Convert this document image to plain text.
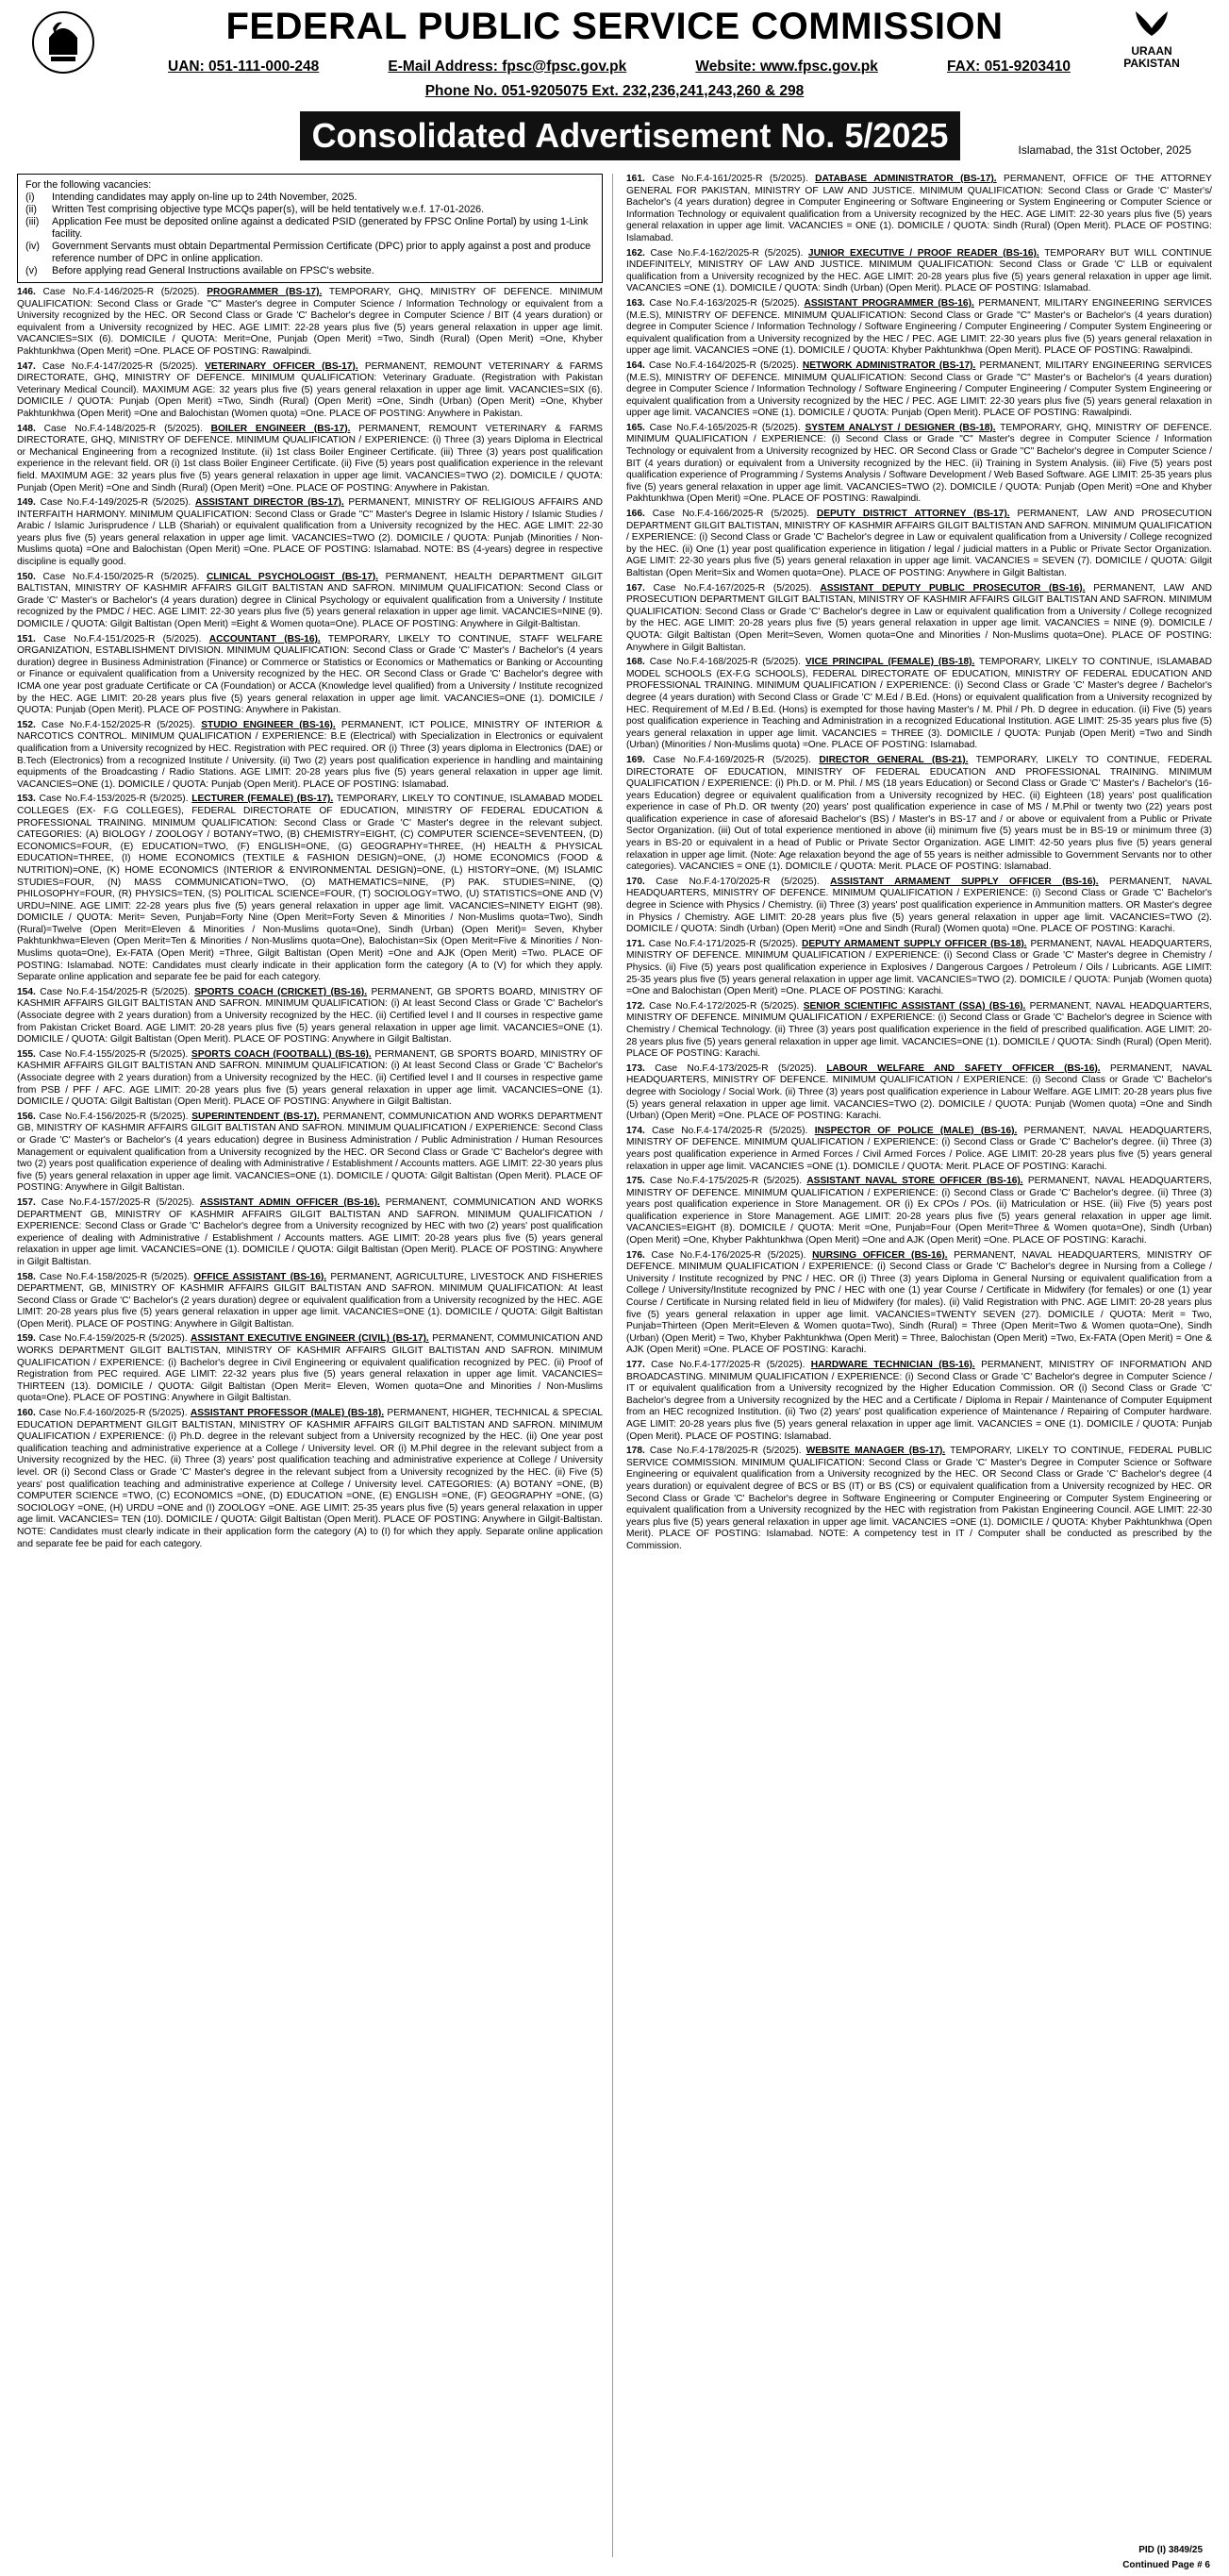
FEDERAL PUBLIC SERVICE COMMISSION
UAN: 051-111-000-248	E-Mail Address: fpsc@fpsc.gov.pk	Website: www.fpsc.gov.pk	FAX: 051-9203410
Phone No. 051-9205075 Ext. 232,236,241,243,260 & 298
URAAN PAKISTAN
Consolidated Advertisement No. 5/2025	Islamabad, the 31st October, 2025
For the following vacancies:
(i)	Intending candidates may apply on-line up to 24th November, 2025.
(ii)	Written Test comprising objective type MCQs paper(s), will be held tentatively w.e.f. 17-01-2026.
(iii)	Application Fee must be deposited online against a dedicated PSID (generated by FPSC Online Portal) by using 1-Link facility.
(iv)	Government Servants must obtain Departmental Permission Certificate (DPC) prior to apply against a post and produce reference number of DPC in online application.
(v)	Before applying read General Instructions available on FPSC's website.
146. Case No.F.4-146/2025-R (5/2025). PROGRAMMER (BS-17). TEMPORARY, GHQ, MINISTRY OF DEFENCE. MINIMUM QUALIFICATION: Second Class or Grade "C" Master's degree in Computer Science / Information Technology or equivalent from a University recognized by the HEC. OR Second Class or Grade 'C' Bachelor's degree in Computer Science / BIT (4 years duration) or equivalent from a University recognized by HEC. AGE LIMIT: 22-28 years plus five (5) years general relaxation in upper age limit. VACANCIES=SIX (6). DOMICILE / QUOTA: Merit=One, Punjab (Open Merit) =Two, Sindh (Rural) (Open Merit) =One, Khyber Pakhtunkhwa (Open Merit) =One. PLACE OF POSTING: Rawalpindi.
147. Case No.F.4-147/2025-R (5/2025). VETERINARY OFFICER (BS-17). PERMANENT, REMOUNT VETERINARY & FARMS DIRECTORATE, GHQ, MINISTRY OF DEFENCE. MINIMUM QUALIFICATION: Veterinary Graduate. (Registration with Pakistan Veterinary Medical Council). MAXIMUM AGE: 32 years plus five (5) years general relaxation in upper age limit. VACANCIES=SIX (6). DOMICILE / QUOTA: Punjab (Open Merit) =Two, Sindh (Rural) (Open Merit) =One, Sindh (Urban) (Open Merit) =One, Khyber Pakhtunkhwa (Open Merit) =One and Balochistan (Women quota) =One. PLACE OF POSTING: Anywhere in Pakistan.
148. Case No.F.4-148/2025-R (5/2025). BOILER ENGINEER (BS-17). PERMANENT, REMOUNT VETERINARY & FARMS DIRECTORATE, GHQ, MINISTRY OF DEFENCE. MINIMUM QUALIFICATION / EXPERIENCE: (i) Three (3) years Diploma in Electrical or Mechanical Engineering from a recognized Institute. (ii) 1st class Boiler Engineer Certificate. (iii) Three (3) years post qualification experience in the relevant field. OR (i) 1st class Boiler Engineer Certificate. (ii) Five (5) years post qualification experience in the relevant field. MAXIMUM AGE: 32 years plus five (5) years general relaxation in upper age limit. VACANCIES=TWO (2). DOMICILE / QUOTA: Punjab (Open Merit) =One and Sindh (Rural) (Open Merit) =One. PLACE OF POSTING: Anywhere in Pakistan.
149. Case No.F.4-149/2025-R (5/2025). ASSISTANT DIRECTOR (BS-17). PERMANENT, MINISTRY OF RELIGIOUS AFFAIRS AND INTERFAITH HARMONY. MINIMUM QUALIFICATION: Second Class or Grade "C" Master's Degree in Islamic History / Islamic Studies / Arabic / Islamic Jurisprudence / LLB (Shariah) or equivalent qualification from a University recognized by the HEC. AGE LIMIT: 22-30 years plus five (5) years general relaxation in upper age limit. VACANCIES=TWO (2). DOMICILE / QUOTA: Punjab (Minorities / Non-Muslims quota) =One and Balochistan (Open Merit) =One. PLACE OF POSTING: Islamabad. NOTE: BS (4-years) degree in respective discipline is equally good.
150. Case No.F.4-150/2025-R (5/2025). CLINICAL PSYCHOLOGIST (BS-17). PERMANENT, HEALTH DEPARTMENT GILGIT BALTISTAN, MINISTRY OF KASHMIR AFFAIRS GILGIT BALTISTAN AND SAFRON. MINIMUM QUALIFICATION: Second Class or Grade 'C' Master's or Bachelor's (4 years duration) degree in Clinical Psychology or equivalent qualification from a University / Institute recognized by the PMDC / HEC. AGE LIMIT: 22-30 years plus five (5) years general relaxation in upper age limit. VACANCIES=NINE (9). DOMICILE / QUOTA: Gilgit Baltistan (Open Merit) =Eight & Women quota=One). PLACE OF POSTING: Anywhere in Gilgit-Baltistan.
151. Case No.F.4-151/2025-R (5/2025). ACCOUNTANT (BS-16). TEMPORARY, LIKELY TO CONTINUE, STAFF WELFARE ORGANIZATION, ESTABLISHMENT DIVISION. MINIMUM QUALIFICATION: Second Class or Grade 'C' Master's / Bachelor's (4 years duration) degree in Business Administration (Finance) or Commerce or Statistics or Economics or Mathematics or Banking or Accounting or Finance or equivalent qualification from a University recognized by the HEC. OR Second Class or Grade 'C' Bachelor's degree with ICMA one year post graduate Certificate or CA (Foundation) or ACCA (Knowledge level qualified) from a University / Institute recognized by the HEC. AGE LIMIT: 20-28 years plus five (5) years general relaxation in upper age limit. VACANCIES=ONE (1). DOMICILE / QUOTA: Punjab (Open Merit). PLACE OF POSTING: Anywhere in Pakistan.
152. Case No.F.4-152/2025-R (5/2025). STUDIO ENGINEER (BS-16). PERMANENT, ICT POLICE, MINISTRY OF INTERIOR & NARCOTICS CONTROL. MINIMUM QUALIFICATION / EXPERIENCE: B.E (Electrical) with Specialization in Electronics or equivalent qualification from a University recognized by HEC. Registration with PEC required. OR (i) Three (3) years diploma in Electronics (DAE) or B.Tech (Electronics) from a recognized Institute / University. (ii) Two (2) years post qualification experience in handling and maintaining equipments of the Broadcasting / Radio Stations. AGE LIMIT: 20-28 years plus five (5) years general relaxation in upper age limit. VACANCIES=ONE (1). DOMICILE / QUOTA: Punjab (Open Merit). PLACE OF POSTING: Islamabad.
153. Case No.F.4-153/2025-R (5/2025). LECTURER (FEMALE) (BS-17). TEMPORARY, LIKELY TO CONTINUE, ISLAMABAD MODEL COLLEGES (EX- F.G COLLEGES), FEDERAL DIRECTORATE OF EDUCATION, MINISTRY OF FEDERAL EDUCATION & PROFESSIONAL TRAINING. MINIMUM QUALIFICATION: Second Class or Grade 'C' Master's degree in the relevant subject. CATEGORIES: (A) BIOLOGY / ZOOLOGY / BOTANY=TWO, (B) CHEMISTRY=EIGHT, (C) COMPUTER SCIENCE=SEVENTEEN, (D) ECONOMICS=FOUR, (E) EDUCATION=TWO, (F) ENGLISH=ONE, (G) GEOGRAPHY=THREE, (H) HEALTH & PHYSICAL EDUCATION=THREE, (I) HOME ECONOMICS (TEXTILE & FASHION DESIGN)=ONE, (J) HOME ECONOMICS (FOOD & NUTRITION)=ONE, (K) HOME ECONOMICS (INTERIOR & ENVIRONMENTAL DESIGN)=ONE, (L) HISTORY=ONE, (M) ISLAMIC STUDIES=FOUR, (N) MASS COMMUNICATION=TWO, (O) MATHEMATICS=NINE, (P) PAK. STUDIES=NINE, (Q) PHILOSOPHY=FOUR, (R) PHYSICS=TEN, (S) POLITICAL SCIENCE=FOUR, (T) SOCIOLOGY=TWO, (U) STATISTICS=ONE AND (V) URDU=NINE. AGE LIMIT: 22-28 years plus five (5) years general relaxation in upper age limit. VACANCIES=NINETY EIGHT (98). DOMICILE / QUOTA: Merit= Seven, Punjab=Forty Nine (Open Merit=Forty Seven & Minorities / Non-Muslims quota=Two), Sindh (Rural)=Twelve (Open Merit=Eleven & Minorities / Non-Muslims quota=One), Sindh (Urban) (Open Merit)= Seven, Khyber Pakhtunkhwa=Eleven (Open Merit=Ten & Minorities / Non-Muslims quota=One), Balochistan=Six (Open Merit=Five & Minorities / Non-Muslims quota=One), Ex-FATA (Open Merit) =Three, Gilgit Baltistan (Open Merit) =One and AJK (Open Merit) =Two. PLACE OF POSTING: Islamabad. NOTE: Candidates must clearly indicate in their application form the category (A to (V) for which they apply. Separate online application and separate fee be paid for each category.
154. Case No.F.4-154/2025-R (5/2025). SPORTS COACH (CRICKET) (BS-16). PERMANENT, GB SPORTS BOARD, MINISTRY OF KASHMIR AFFAIRS GILGIT BALTISTAN AND SAFRON. MINIMUM QUALIFICATION: (i) At least Second Class or Grade 'C' Bachelor's (Associate degree with 2 years duration) from a University recognized by the HEC. (ii) Certified level I and II courses in respective game from Pakistan Cricket Board. AGE LIMIT: 20-28 years plus five (5) years general relaxation in upper age limit. VACANCIES=ONE (1). DOMICILE / QUOTA: Gilgit Baltistan (Open Merit). PLACE OF POSTING: Anywhere in Gilgit Baltistan.
155. Case No.F.4-155/2025-R (5/2025). SPORTS COACH (FOOTBALL) (BS-16). PERMANENT, GB SPORTS BOARD, MINISTRY OF KASHMIR AFFAIRS GILGIT BALTISTAN AND SAFRON. MINIMUM QUALIFICATION: (i) At least Second Class or Grade 'C' Bachelor's (Associate degree with 2 years duration) from a University recognized by the HEC. (ii) Certified level I and II courses in respective game from PSB / PFF / AFC. AGE LIMIT: 20-28 years plus five (5) years general relaxation in upper age limit. VACANCIES=ONE (1). DOMICILE / QUOTA: Gilgit Baltistan (Open Merit). PLACE OF POSTING: Anywhere in Gilgit Baltistan.
156. Case No.F.4-156/2025-R (5/2025). SUPERINTENDENT (BS-17). PERMANENT, COMMUNICATION AND WORKS DEPARTMENT GB, MINISTRY OF KASHMIR AFFAIRS GILGIT BALTISTAN AND SAFRON. MINIMUM QUALIFICATION / EXPERIENCE: Second Class or Grade 'C' Master's or Bachelor's (4 years education) degree in Business Administration / Public Administration / Human Resources Management or equivalent qualification from a University recognized by the HEC. OR Second Class or Grade 'C' Bachelor's degree with two (2) years post qualification experience of dealing with Administrative / Establishment / Accounts matters. AGE LIMIT: 22-30 years plus five (5) years general relaxation in upper age limit. VACANCIES=ONE (1). DOMICILE / QUOTA: Gilgit Baltistan (Open Merit). PLACE OF POSTING: Anywhere in Gilgit Baltistan.
157. Case No.F.4-157/2025-R (5/2025). ASSISTANT ADMIN OFFICER (BS-16). PERMANENT, COMMUNICATION AND WORKS DEPARTMENT GB, MINISTRY OF KASHMIR AFFAIRS GILGIT BALTISTAN AND SAFRON. MINIMUM QUALIFICATION / EXPERIENCE: Second Class or Grade 'C' Bachelor's degree from a University recognized by HEC with two (2) years' post qualification experience of dealing with Administrative / Establishment / Accounts matters. AGE LIMIT: 20-28 years plus five (5) years general relaxation in upper age limit. VACANCIES=ONE (1). DOMICILE / QUOTA: Gilgit Baltistan (Open Merit). PLACE OF POSTING: Anywhere in Gilgit Baltistan.
158. Case No.F.4-158/2025-R (5/2025). OFFICE ASSISTANT (BS-16). PERMANENT, AGRICULTURE, LIVESTOCK AND FISHERIES DEPARTMENT, GB, MINISTRY OF KASHMIR AFFAIRS GILGIT BALTISTAN AND SAFRON. MINIMUM QUALIFICATION: At least Second Class or Grade 'C' Bachelor's (2 years duration) degree or equivalent qualification from a University recognized by the HEC. AGE LIMIT: 20-28 years plus five (5) years general relaxation in upper age limit. VACANCIES=ONE (1). DOMICILE / QUOTA: Gilgit Baltistan (Open Merit). PLACE OF POSTING: Anywhere in Gilgit Baltistan.
159. Case No.F.4-159/2025-R (5/2025). ASSISTANT EXECUTIVE ENGINEER (CIVIL) (BS-17). PERMANENT, COMMUNICATION AND WORKS DEPARTMENT GILGIT BALTISTAN, MINISTRY OF KASHMIR AFFAIRS GILGIT BALTISTAN AND SAFRON. MINIMUM QUALIFICATION / EXPERIENCE: (i) Bachelor's degree in Civil Engineering or equivalent qualification recognized by PEC. (ii) Proof of Registration from PEC required. AGE LIMIT: 22-32 years plus five (5) years general relaxation in upper age limit. VACANCIES= THIRTEEN (13). DOMICILE / QUOTA: Gilgit Baltistan (Open Merit= Eleven, Women quota=One and Minorities / Non-Muslims quota=One). PLACE OF POSTING: Anywhere in Gilgit Baltistan.
160. Case No.F.4-160/2025-R (5/2025). ASSISTANT PROFESSOR (MALE) (BS-18). PERMANENT, HIGHER, TECHNICAL & SPECIAL EDUCATION DEPARTMENT GILGIT BALTISTAN, MINISTRY OF KASHMIR AFFAIRS GILGIT BALTISTAN AND SAFRON. MINIMUM QUALIFICATION / EXPERIENCE: (i) Ph.D. degree in the relevant subject from a University recognized by the HEC. (ii) One year post qualification teaching and administrative experience at a College / University level. OR (i) M.Phil degree in the relevant subject from a University recognized by the HEC. (ii) Three (3) years' post qualification teaching and administrative experience at College / University level. OR (i) Second Class or Grade 'C' Master's degree in the relevant subject from a University recognized by the HEC. (ii) Five (5) years' post qualification teaching and administrative experience at College / University level. CATEGORIES: (A) BOTANY =ONE, (B) COMPUTER SCIENCE =TWO, (C) ECONOMICS =ONE, (D) EDUCATION =ONE, (E) ENGLISH =ONE, (F) GEOGRAPHY =ONE, (G) SOCIOLOGY =ONE, (H) URDU =ONE and (I) ZOOLOGY =ONE. AGE LIMIT: 25-35 years plus five (5) years general relaxation in upper age limit. VACANCIES= TEN (10). DOMICILE / QUOTA: Gilgit Baltistan (Open Merit). PLACE OF POSTING: Anywhere in Gilgit-Baltistan. NOTE: Candidates must clearly indicate in their application form the category (A) to (I) for which they apply. Separate online application and separate fee be paid for each category.
161. Case No.F.4-161/2025-R (5/2025). DATABASE ADMINISTRATOR (BS-17). PERMANENT, OFFICE OF THE ATTORNEY GENERAL FOR PAKISTAN, MINISTRY OF LAW AND JUSTICE. MINIMUM QUALIFICATION: Second Class or Grade 'C' Master's/ Bachelor's (4 years duration) degree in Computer Engineering or Software Engineering or System Engineering or Computer Science or Information Technology or equivalent qualification from a University recognized by the HEC. AGE LIMIT: 22-30 years plus five (5) years general relaxation in upper age limit. VACANCIES = ONE (1). DOMICILE / QUOTA: Sindh (Rural) (Open Merit). PLACE OF POSTING: Islamabad.
162. Case No.F.4-162/2025-R (5/2025). JUNIOR EXECUTIVE / PROOF READER (BS-16). TEMPORARY BUT WILL CONTINUE INDEFINITELY, MINISTRY OF LAW AND JUSTICE. MINIMUM QUALIFICATION: Second Class or Grade 'C' LLB or equivalent qualification from a University recognized by the HEC. AGE LIMIT: 20-28 years plus five (5) years general relaxation in upper age limit. VACANCIES =ONE (1). DOMICILE / QUOTA: Sindh (Urban) (Open Merit). PLACE OF POSTING: Islamabad.
163. Case No.F.4-163/2025-R (5/2025). ASSISTANT PROGRAMMER (BS-16). PERMANENT, MILITARY ENGINEERING SERVICES (M.E.S), MINISTRY OF DEFENCE. MINIMUM QUALIFICATION: Second Class or Grade "C" Master's or Bachelor's (4 years duration) degree in Computer Science / Information Technology / Software Engineering / Computer Engineering / Computer System Engineering or equivalent qualification from a University recognized by the HEC / PEC. AGE LIMIT: 22-30 years plus five (5) years general relaxation in upper age limit. VACANCIES =ONE (1). DOMICILE / QUOTA: Khyber Pakhtunkhwa (Open Merit). PLACE OF POSTING: Rawalpindi.
164. Case No.F.4-164/2025-R (5/2025). NETWORK ADMINISTRATOR (BS-17). PERMANENT, MILITARY ENGINEERING SERVICES (M.E.S), MINISTRY OF DEFENCE. MINIMUM QUALIFICATION: Second Class or Grade "C" Master's or Bachelor's (4 years duration) degree in Computer Science / Information Technology / Software Engineering / Computer Engineering / Computer System Engineering or equivalent qualification from a University recognized by the HEC / PEC. AGE LIMIT: 22-30 years plus five (5) years general relaxation in upper age limit. VACANCIES =ONE (1). DOMICILE / QUOTA: Punjab (Open Merit). PLACE OF POSTING: Rawalpindi.
165. Case No.F.4-165/2025-R (5/2025). SYSTEM ANALYST / DESIGNER (BS-18). TEMPORARY, GHQ, MINISTRY OF DEFENCE. MINIMUM QUALIFICATION / EXPERIENCE: (i) Second Class or Grade "C" Master's degree in Computer Science / Information Technology or equivalent from a University recognized by HEC. OR Second Class or Grade "C" Bachelor's degree in Computer Science / BIT (4 years duration) or equivalent from a University recognized by the HEC. (ii) Training in System Analysis. (iii) Five (5) years post qualification experience of Programming / Systems Analysis / Software Development / Web Based Software. AGE LIMIT: 25-35 years plus five (5) years general relaxation in upper age limit. VACANCIES=TWO (2). DOMICILE / QUOTA: Punjab (Open Merit) =One and Khyber Pakhtunkhwa (Open Merit) =One. PLACE OF POSTING: Rawalpindi.
166. Case No.F.4-166/2025-R (5/2025). DEPUTY DISTRICT ATTORNEY (BS-17). PERMANENT, LAW AND PROSECUTION DEPARTMENT GILGIT BALTISTAN, MINISTRY OF KASHMIR AFFAIRS GILGIT BALTISTAN AND SAFRON. MINIMUM QUALIFICATION / EXPERIENCE: (i) Second Class or Grade 'C' Bachelor's degree in Law or equivalent qualification from a University / College recognized by the HEC. (ii) One (1) year post qualification experience in litigation / legal / judicial matters in a Public or Private Sector Organization. AGE LIMIT: 22-30 years plus five (5) years general relaxation in upper age limit. VACANCIES = SEVEN (7). DOMICILE / QUOTA: Gilgit Baltistan (Open Merit=Six and Women quota=One). PLACE OF POSTING: Anywhere in Gilgit Baltistan.
167. Case No.F.4-167/2025-R (5/2025). ASSISTANT DEPUTY PUBLIC PROSECUTOR (BS-16). PERMANENT, LAW AND PROSECUTION DEPARTMENT GILGIT BALTISTAN, MINISTRY OF KASHMIR AFFAIRS GILGIT BALTISTAN AND SAFRON. MINIMUM QUALIFICATION: Second Class or Grade 'C' Bachelor's degree in Law or equivalent qualification from a University / College recognized by the HEC. AGE LIMIT: 20-28 years plus five (5) years general relaxation in upper age limit. VACANCIES = NINE (9). DOMICILE / QUOTA: Gilgit Baltistan (Open Merit=Seven, Women quota=One and Minorities / Non-Muslims quota=One). PLACE OF POSTING: Anywhere in Gilgit Baltistan.
168. Case No.F.4-168/2025-R (5/2025). VICE PRINCIPAL (FEMALE) (BS-18). TEMPORARY, LIKELY TO CONTINUE, ISLAMABAD MODEL SCHOOLS (EX-F.G SCHOOLS), FEDERAL DIRECTORATE OF EDUCATION, MINISTRY OF FEDERAL EDUCATION AND PROFESSIONAL TRAINING. MINIMUM QUALIFICATION / EXPERIENCE: (i) Second Class or Grade 'C' Master's degree / Bachelor's degree (4 years duration) with Second Class or Grade 'C' M.Ed / B.Ed. (Hons) or equivalent qualification from a University recognized by HEC. Requirement of M.Ed / B.Ed. (Hons) is exempted for those having Master's / M. Phil / Ph. D degree in education. (ii) Five (5) years post qualification experience in Teaching and Administration in a recognized Educational Institution. AGE LIMIT: 25-35 years plus five (5) years general relaxation in upper age limit. VACANCIES = THREE (3). DOMICILE / QUOTA: Punjab (Open Merit) =Two and Sindh (Urban) (Minorities / Non-Muslims quota) =One. PLACE OF POSTING: Islamabad.
169. Case No.F.4-169/2025-R (5/2025). DIRECTOR GENERAL (BS-21). TEMPORARY, LIKELY TO CONTINUE, FEDERAL DIRECTORATE OF EDUCATION, MINISTRY OF FEDERAL EDUCATION AND PROFESSIONAL TRAINING. MINIMUM QUALIFICATION / EXPERIENCE: (i) Ph.D. or M. Phil. / MS (18 years Education) or Second Class or Grade 'C' Master's / Bachelor's (16-years Education) degree or equivalent qualification from a University recognized by HEC. (ii) Eighteen (18) years' post qualification experience in case of Ph.D. OR twenty (20) years' post qualification experience in case of MS / M.Phil or twenty two (22) years post qualification experience in case of aforesaid Bachelor's (BS) / Master's in BS-17 and / or above or equivalent from a Public or Private Sector Organization. (iii) Out of total experience mentioned in above (ii) minimum five (5) years must be in BS-19 or minimum three (3) years in BS-20 or equivalent in a head of Public or Private Sector Organization. AGE LIMIT: 42-50 years plus five (5) years general relaxation in upper age limit. (Note: Age relaxation beyond the age of 55 years is neither admissible to Government Servants nor to other categories). VACANCIES = ONE (1). DOMICILE / QUOTA: Merit. PLACE OF POSTING: Islamabad.
170. Case No.F.4-170/2025-R (5/2025). ASSISTANT ARMAMENT SUPPLY OFFICER (BS-16). PERMANENT, NAVAL HEADQUARTERS, MINISTRY OF DEFENCE. MINIMUM QUALIFICATION / EXPERIENCE: (i) Second Class or Grade 'C' Bachelor's degree in Science with Physics / Chemistry. (ii) Three (3) years' post qualification experience in Ammunition matters. OR Master's degree in Physics / Chemistry. AGE LIMIT: 20-28 years plus five (5) years general relaxation in upper age limit. VACANCIES=TWO (2). DOMICILE / QUOTA: Sindh (Urban) (Open Merit) =One and Sindh (Rural) (Women quota) =One. PLACE OF POSTING: Karachi.
171. Case No.F.4-171/2025-R (5/2025). DEPUTY ARMAMENT SUPPLY OFFICER (BS-18). PERMANENT, NAVAL HEADQUARTERS, MINISTRY OF DEFENCE. MINIMUM QUALIFICATION / EXPERIENCE: (i) Second Class or Grade 'C' Master's degree in Chemistry / Physics. (ii) Five (5) years post qualification experience in Explosives / Dangerous Cargoes / Petroleum / Oils / Lubricants. AGE LIMIT: 25-35 years plus five (5) years general relaxation in upper age limit. VACANCIES=TWO (2). DOMICILE / QUOTA: Punjab (Women quota) =One and Balochistan (Open Merit) =One. PLACE OF POSTING: Karachi.
172. Case No.F.4-172/2025-R (5/2025). SENIOR SCIENTIFIC ASSISTANT (SSA) (BS-16). PERMANENT, NAVAL HEADQUARTERS, MINISTRY OF DEFENCE. MINIMUM QUALIFICATION / EXPERIENCE: (i) Second Class or Grade 'C' Bachelor's degree in Science with Chemistry / Chemical Technology. (ii) Three (3) years post qualification experience in the field of prescribed qualification. AGE LIMIT: 20-28 years plus five (5) years general relaxation in upper age limit. VACANCIES=ONE (1). DOMICILE / QUOTA: Sindh (Rural) (Open Merit). PLACE OF POSTING: Karachi.
173. Case No.F.4-173/2025-R (5/2025). LABOUR WELFARE AND SAFETY OFFICER (BS-16). PERMANENT, NAVAL HEADQUARTERS, MINISTRY OF DEFENCE. MINIMUM QUALIFICATION / EXPERIENCE: (i) Second Class or Grade 'C' Bachelor's degree with Sociology / Social Work. (ii) Three (3) years post qualification experience in Labour Welfare. AGE LIMIT: 20-28 years plus five (5) years general relaxation in upper age limit. VACANCIES=TWO (2). DOMICILE / QUOTA: Punjab (Women quota) =One and Sindh (Urban) (Open Merit) =One. PLACE OF POSTING: Karachi.
174. Case No.F.4-174/2025-R (5/2025). INSPECTOR OF POLICE (MALE) (BS-16). PERMANENT, NAVAL HEADQUARTERS, MINISTRY OF DEFENCE. MINIMUM QUALIFICATION / EXPERIENCE: (i) Second Class or Grade 'C' Bachelor's degree. (ii) Three (3) years post qualification experience in Armed Forces / Civil Armed Forces / Police. AGE LIMIT: 20-28 years plus five (5) years general relaxation in upper age limit. VACANCIES =ONE (1). DOMICILE / QUOTA: Merit. PLACE OF POSTING: Karachi.
175. Case No.F.4-175/2025-R (5/2025). ASSISTANT NAVAL STORE OFFICER (BS-16). PERMANENT, NAVAL HEADQUARTERS, MINISTRY OF DEFENCE. MINIMUM QUALIFICATION / EXPERIENCE: (i) Second Class or Grade 'C' Bachelor's degree. (ii) Three (3) years post qualification experience in Store Management. OR (i) Ex CPOs / POs. (ii) Matriculation or HSE. (iii) Five (5) years post qualification experience in Store Management. AGE LIMIT: 20-28 years plus five (5) years general relaxation in upper age limit. VACANCIES=EIGHT (8). DOMICILE / QUOTA: Merit =One, Punjab=Four (Open Merit=Three & Women quota=One), Sindh (Urban) (Open Merit) =One, Khyber Pakhtunkhwa (Open Merit) =One and AJK (Open Merit) =One. PLACE OF POSTING: Karachi.
176. Case No.F.4-176/2025-R (5/2025). NURSING OFFICER (BS-16). PERMANENT, NAVAL HEADQUARTERS, MINISTRY OF DEFENCE. MINIMUM QUALIFICATION / EXPERIENCE: (i) Second Class or Grade 'C' Bachelor's degree in Nursing from a College / University / Institute recognized by PNC / HEC. OR (i) Three (3) years Diploma in General Nursing or equivalent qualification from a College / University/Institute recognized by PNC / HEC with one (1) year Course / Certificate in Midwifery (for females) or one (1) year Course / Certificate in Nursing related field in lieu of Midwifery (for males). (ii) Valid Registration with PNC. AGE LIMIT: 20-28 years plus five (5) years general relaxation in upper age limit. VACANCIES=TWENTY SEVEN (27). DOMICILE / QUOTA: Merit = Two, Punjab=Thirteen (Open Merit=Eleven & Women quota=Two), Sindh (Rural) = Three (Open Merit=Two & Women quota=One), Sindh (Urban) (Open Merit) = Two, Khyber Pakhtunkhwa (Open Merit) = Three, Balochistan (Open Merit) =Two, Ex-FATA (Open Merit) = One & AJK (Open Merit) =One. PLACE OF POSTING: Karachi.
177. Case No.F.4-177/2025-R (5/2025). HARDWARE TECHNICIAN (BS-16). PERMANENT, MINISTRY OF INFORMATION AND BROADCASTING. MINIMUM QUALIFICATION / EXPERIENCE: (i) Second Class or Grade 'C' Bachelor's degree in Computer Science / IT or equivalent qualification from a University recognized by the Higher Education Commission. OR (i) Second Class or Grade 'C' Bachelor's degree from a University recognized by the HEC and a Certificate / Diploma in Repair / Maintenance of Computer Equipment from an HEC recognized Institution. (ii) Two (2) years' post qualification experience of Maintenance / Repairing of Computer hardware. AGE LIMIT: 20-28 years plus five (5) years general relaxation in upper age limit. VACANCIES = ONE (1). DOMICILE / QUOTA: Punjab (Open Merit). PLACE OF POSTING: Islamabad.
178. Case No.F.4-178/2025-R (5/2025). WEBSITE MANAGER (BS-17). TEMPORARY, LIKELY TO CONTINUE, FEDERAL PUBLIC SERVICE COMMISSION. MINIMUM QUALIFICATION: Second Class or Grade 'C' Master's Degree in Computer Science or Software Engineering or equivalent qualification from a University recognized by the HEC. OR Second Class or Grade 'C' Bachelor's degree (4 years duration) or equivalent degree of BCS or BS (IT) or BS (CS) or equivalent qualification from a University recognized by HEC. OR Second Class or Grade 'C' Bachelor's degree in Software Engineering or Computer Engineering or Computer System Engineering or equivalent qualification from a University recognized by the HEC with registration from Pakistan Engineering Council. AGE LIMIT: 22-30 years plus five (5) years general relaxation in upper age limit. VACANCIES =ONE (1). DOMICILE / QUOTA: Khyber Pakhtunkhwa (Open Merit). PLACE OF POSTING: Islamabad. NOTE: A competency test in IT / Computer shall be conducted as prescribed by the Commission.
PID (I) 3849/25
Continued Page # 6
